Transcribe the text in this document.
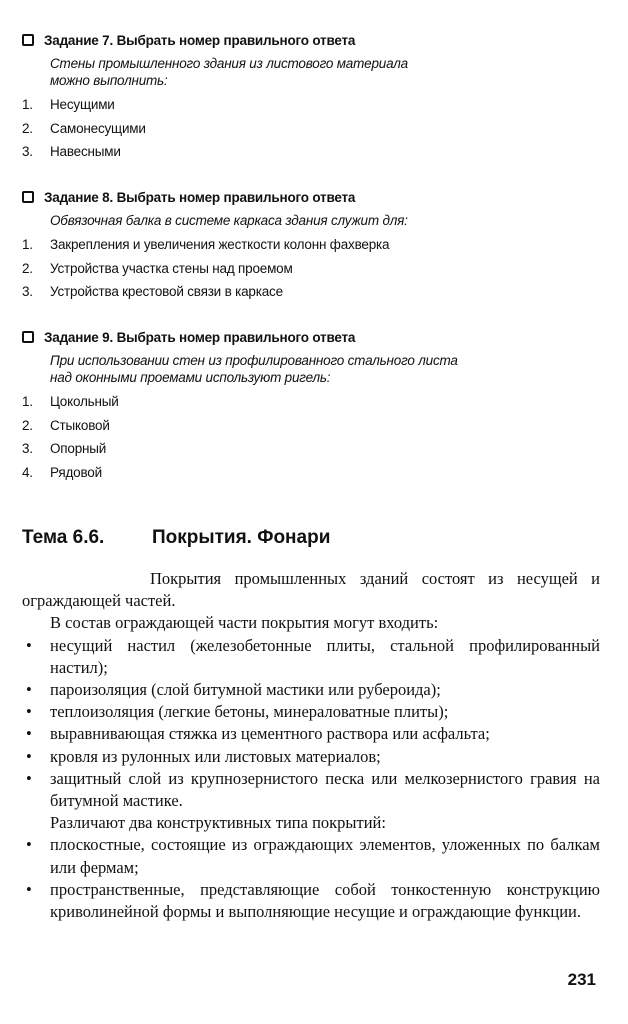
Задание 7. Выбрать номер правильного ответа
Стены промышленного здания из листового материала
можно выполнить:
1.	Несущими
2.	Самонесущими
3.	Навесными
Задание 8. Выбрать номер правильного ответа
Обвязочная балка в системе каркаса здания служит для:
1.	Закрепления и увеличения жесткости колонн фахверка
2.	Устройства участка стены над проемом
3.	Устройства крестовой связи в каркасе
Задание 9. Выбрать номер правильного ответа
При использовании стен из профилированного стального листа
над оконными проемами используют ригель:
1.	Цокольный
2.	Стыковой
3.	Опорный
4.	Рядовой
Тема 6.6.	Покрытия. Фонари

Покрытия промышленных зданий состоят из несущей и ограждающей частей.

В состав ограждающей части покрытия могут входить:

• несущий настил (железобетонные плиты, стальной профилированный настил);
• пароизоляция (слой битумной мастики или рубероида);
• теплоизоляция (легкие бетоны, минераловатные плиты);
• выравнивающая стяжка из цементного раствора или асфальта;
• кровля из рулонных или листовых материалов;
• защитный слой из крупнозернистого песка или мелкозернистого гравия на битумной мастике.

Различают два конструктивных типа покрытий:

• плоскостные, состоящие из ограждающих элементов, уложенных по балкам или фермам;
• пространственные, представляющие собой тонкостенную конструкцию криволинейной формы и выполняющие несущие и ограждающие функции.
231
